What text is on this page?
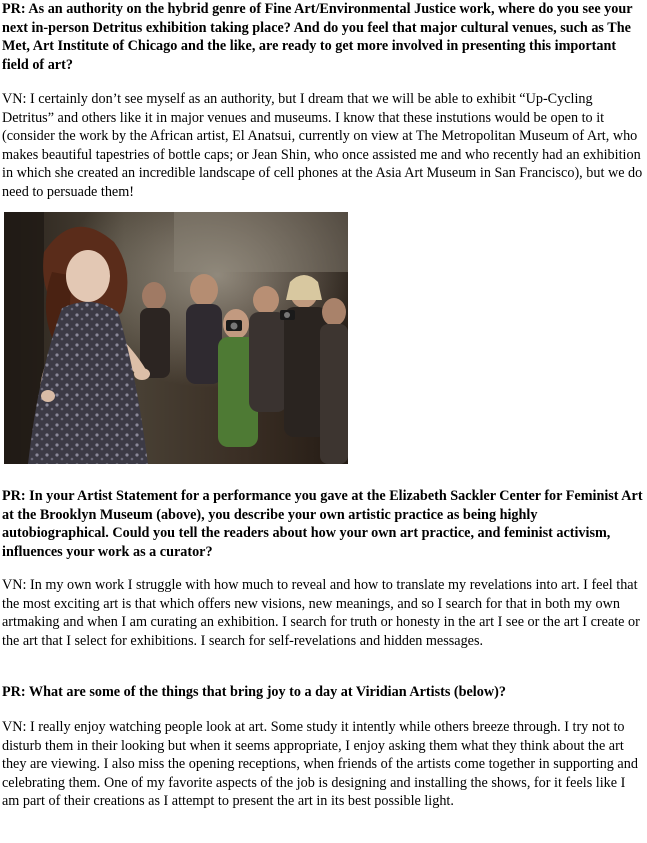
PR: As an authority on the hybrid genre of Fine Art/Environmental Justice work, where do you see your next in-person Detritus exhibition taking place? And do you feel that major cultural venues, such as The Met, Art Institute of Chicago and the like, are ready to get more involved in presenting this important field of art?

VN: I certainly don’t see myself as an authority, but I dream that we will be able to exhibit “Up-Cycling Detritus” and others like it in major venues and museums. I know that these instutions would be open to it (consider the work by the African artist, El Anatsui, currently on view at The Metropolitan Museum of Art, who makes beautiful tapestries of bottle caps; or Jean Shin, who once assisted me and who recently had an exhibition in which she created an incredible landscape of cell phones at the Asia Art Museum in San Francisco), but we do need to persuade them!

PR: In your Artist Statement for a performance you gave at the Elizabeth Sackler Center for Feminist Art at the Brooklyn Museum (above), you describe your own artistic practice as being highly autobiographical. Could you tell the readers about how your own art practice, and feminist activism, influences your work as a curator?

VN: In my own work I struggle with how much to reveal and how to translate my revelations into art. I feel that the most exciting art is that which offers new visions, new meanings, and so I search for that in both my own artmaking and when I am curating an exhibition. I search for truth or honesty in the art I see or the art I create or the art that I select for exhibitions. I search for self-revelations and hidden messages.

PR: What are some of the things that bring joy to a day at Viridian Artists (below)?

VN: I really enjoy watching people look at art. Some study it intently while others breeze through. I try not to disturb them in their looking but when it seems appropriate, I enjoy asking them what they think about the art they are viewing. I also miss the opening receptions, when friends of the artists come together in supporting and celebrating them. One of my favorite aspects of the job is designing and installing the shows, for it feels like I am part of their creations as I attempt to present the art in its best possible light.
